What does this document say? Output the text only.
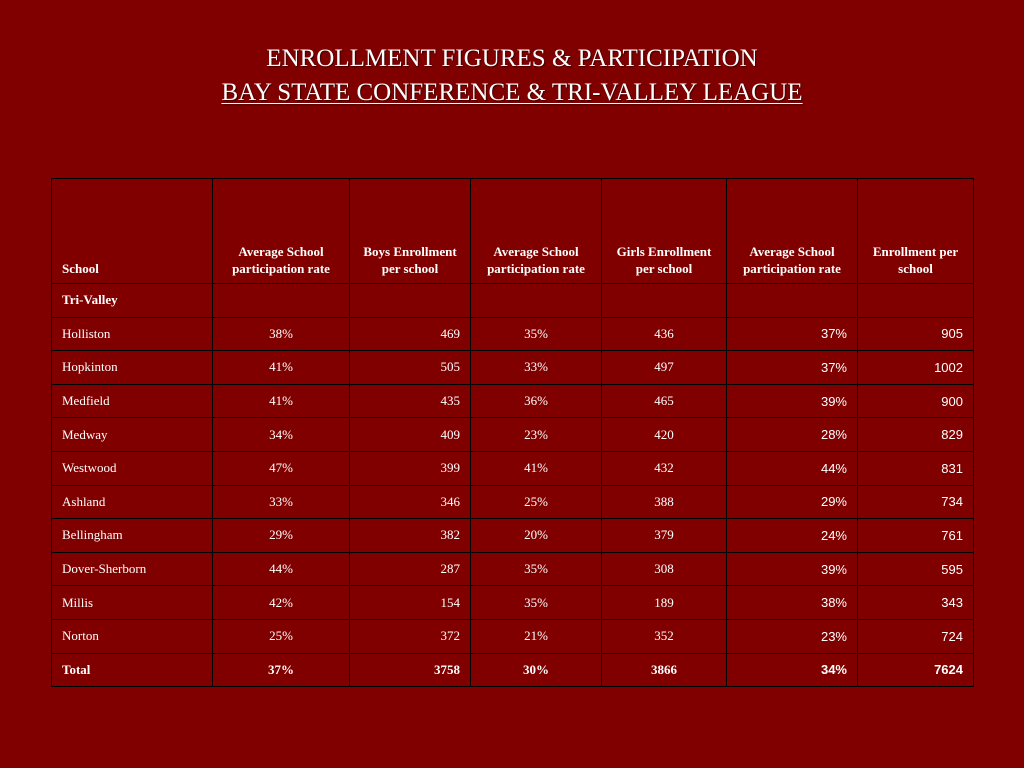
ENROLLMENT FIGURES & PARTICIPATION
BAY STATE CONFERENCE & TRI-VALLEY LEAGUE
School	Average School participation rate	Boys Enrollment per school	Average School participation rate	Girls Enrollment per school	Average School participation rate	Enrollment per school
Tri-Valley						
Holliston	38%	469	35%	436	37%	905
Hopkinton	41%	505	33%	497	37%	1002
Medfield	41%	435	36%	465	39%	900
Medway	34%	409	23%	420	28%	829
Westwood	47%	399	41%	432	44%	831
Ashland	33%	346	25%	388	29%	734
Bellingham	29%	382	20%	379	24%	761
Dover-Sherborn	44%	287	35%	308	39%	595
Millis	42%	154	35%	189	38%	343
Norton	25%	372	21%	352	23%	724
Total	37%	3758	30%	3866	34%	7624
